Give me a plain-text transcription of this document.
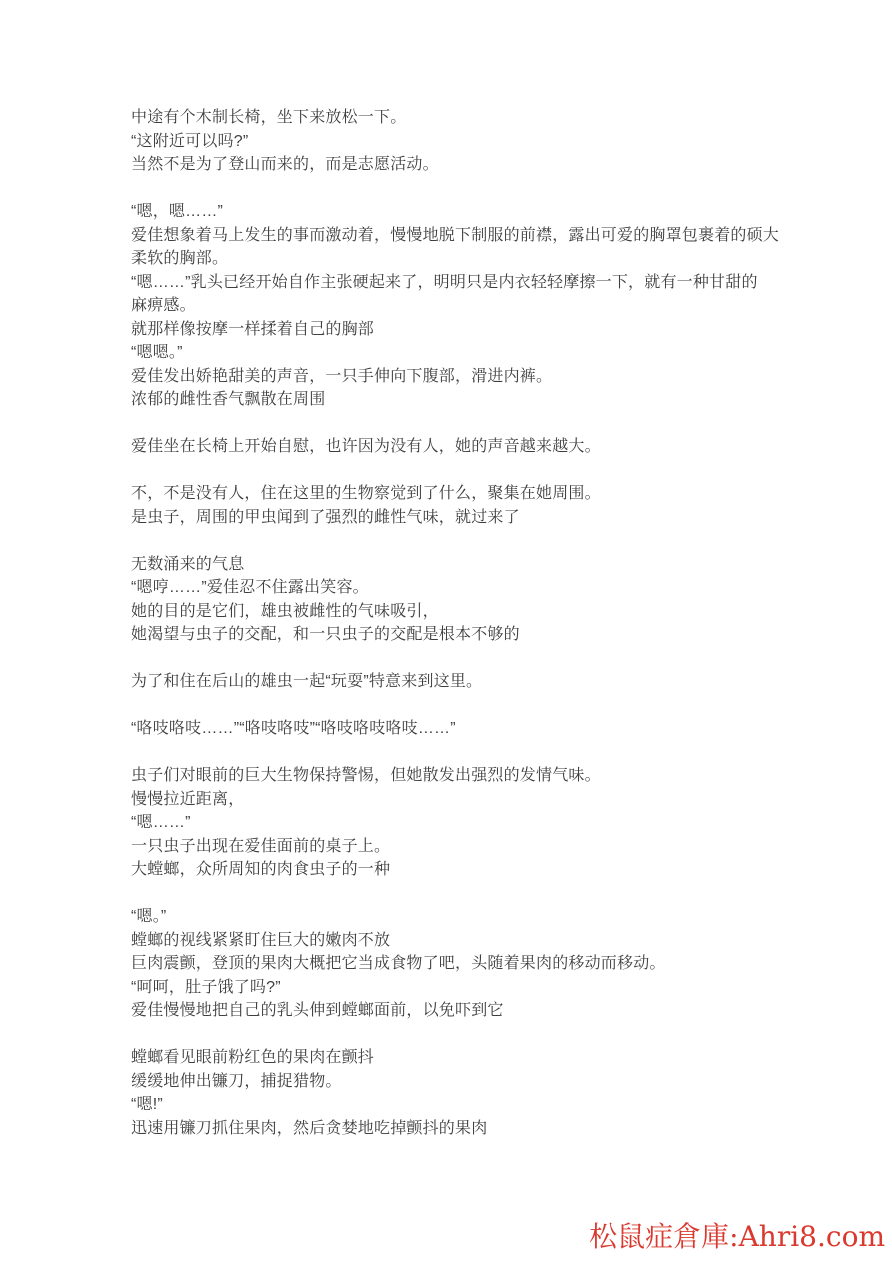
中途有个木制长椅，坐下来放松一下。
“这附近可以吗?”
当然不是为了登山而来的，而是志愿活动。

“嗯，嗯……”
爱佳想象着马上发生的事而激动着，慢慢地脱下制服的前襟，露出可爱的胸罩包裹着的硕大
柔软的胸部。
“嗯……”乳头已经开始自作主张硬起来了，明明只是内衣轻轻摩擦一下，就有一种甘甜的
麻痹感。
就那样像按摩一样揉着自己的胸部
“嗯嗯。”
爱佳发出娇艳甜美的声音，一只手伸向下腹部，滑进内裤。
浓郁的雌性香气飘散在周围

爱佳坐在长椅上开始自慰，也许因为没有人，她的声音越来越大。

不，不是没有人，住在这里的生物察觉到了什么，聚集在她周围。
是虫子，周围的甲虫闻到了强烈的雌性气味，就过来了

无数涌来的气息
“嗯哼……”爱佳忍不住露出笑容。
她的目的是它们，雄虫被雌性的气味吸引，
她渴望与虫子的交配，和一只虫子的交配是根本不够的

为了和住在后山的雄虫一起“玩耍”特意来到这里。

“咯吱咯吱……”“咯吱咯吱”“咯吱咯吱咯吱……”

虫子们对眼前的巨大生物保持警惕，但她散发出强烈的发情气味。
慢慢拉近距离，
“嗯……”
一只虫子出现在爱佳面前的桌子上。
大螳螂，众所周知的肉食虫子的一种

“嗯。”
螳螂的视线紧紧盯住巨大的嫩肉不放
巨肉震颤，登顶的果肉大概把它当成食物了吧，头随着果肉的移动而移动。
“呵呵，肚子饿了吗?”
爱佳慢慢地把自己的乳头伸到螳螂面前，以免吓到它

螳螂看见眼前粉红色的果肉在颤抖
缓缓地伸出镰刀，捕捉猎物。
“嗯!”
迅速用镰刀抓住果肉，然后贪婪地吃掉颤抖的果肉
松鼠症倉庫:Ahri8.com
